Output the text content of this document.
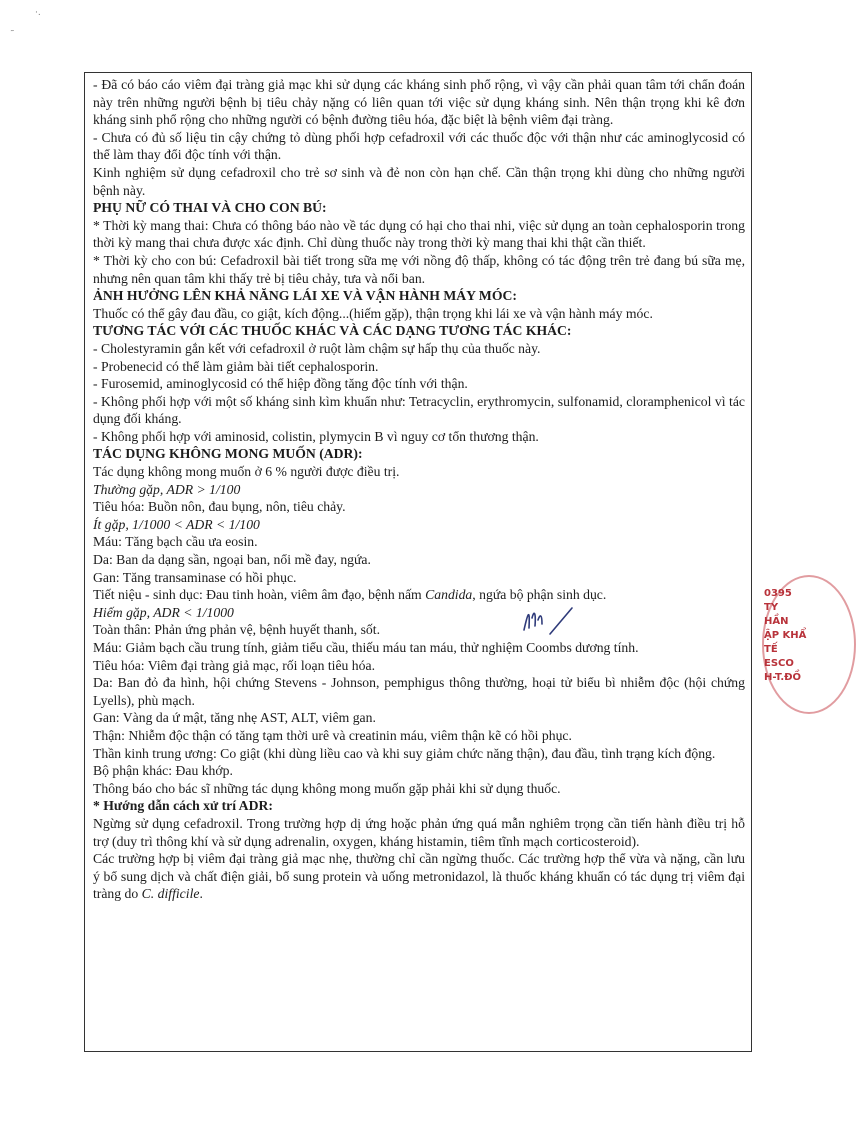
·.
˜

- Đã có báo cáo viêm đại tràng giả mạc khi sử dụng các kháng sinh phổ rộng, vì vậy cần phải quan tâm tới chẩn đoán này trên những người bệnh bị tiêu chảy nặng có liên quan tới việc sử dụng kháng sinh. Nên thận trọng khi kê đơn kháng sinh phổ rộng cho những người có bệnh đường tiêu hóa, đặc biệt là bệnh viêm đại tràng.

- Chưa có đủ số liệu tin cậy chứng tỏ dùng phối hợp cefadroxil với các thuốc độc với thận như các aminoglycosid có thể làm thay đổi độc tính với thận.

Kinh nghiệm sử dụng cefadroxil cho trẻ sơ sinh và đẻ non còn hạn chế. Cần thận trọng khi dùng cho những người bệnh này.

PHỤ NỮ CÓ THAI VÀ CHO CON BÚ:

* Thời kỳ mang thai: Chưa có thông báo nào về tác dụng có hại cho thai nhi, việc sử dụng an toàn cephalosporin trong thời kỳ mang thai chưa được xác định. Chỉ dùng thuốc này trong thời kỳ mang thai khi thật cần thiết.

* Thời kỳ cho con bú: Cefadroxil bài tiết trong sữa mẹ với nồng độ thấp, không có tác động trên trẻ đang bú sữa mẹ, nhưng nên quan tâm khi thấy trẻ bị tiêu chảy, tưa và nổi ban.

ẢNH HƯỞNG LÊN KHẢ NĂNG LÁI XE VÀ VẬN HÀNH MÁY MÓC:

Thuốc có thể gây đau đầu, co giật, kích động...(hiếm gặp), thận trọng khi lái xe và vận hành máy móc.

TƯƠNG TÁC VỚI CÁC THUỐC KHÁC VÀ CÁC DẠNG TƯƠNG TÁC KHÁC:

- Cholestyramin gắn kết với cefadroxil ở ruột làm chậm sự hấp thụ của thuốc này.

- Probenecid có thể làm giảm bài tiết cephalosporin.

- Furosemid, aminoglycosid có thể hiệp đồng tăng độc tính với thận.

- Không phối hợp với một số kháng sinh kìm khuẩn như: Tetracyclin, erythromycin, sulfonamid, cloramphenicol vì tác dụng đối kháng.

- Không phối hợp với aminosid, colistin, plymycin B vì nguy cơ tổn thương thận.

TÁC DỤNG KHÔNG MONG MUỐN (ADR):

Tác dụng không mong muốn ở 6 % người được điều trị.

Thường gặp, ADR > 1/100

Tiêu hóa: Buồn nôn, đau bụng, nôn, tiêu chảy.

Ít gặp, 1/1000 < ADR < 1/100

Máu: Tăng bạch cầu ưa eosin.

Da: Ban da dạng sần, ngoại ban, nổi mề đay, ngứa.

Gan: Tăng transaminase có hồi phục.

Tiết niệu - sinh dục: Đau tinh hoàn, viêm âm đạo, bệnh nấm Candida, ngứa bộ phận sinh dục.

Hiếm gặp, ADR < 1/1000

Toàn thân: Phản ứng phản vệ, bệnh huyết thanh, sốt.

Máu: Giảm bạch cầu trung tính, giảm tiểu cầu, thiếu máu tan máu, thử nghiệm Coombs dương tính.

Tiêu hóa: Viêm đại tràng giả mạc, rối loạn tiêu hóa.

Da: Ban đỏ đa hình, hội chứng Stevens - Johnson, pemphigus thông thường, hoại tử biểu bì nhiễm độc (hội chứng Lyells), phù mạch.

Gan: Vàng da ứ mật, tăng nhẹ AST, ALT, viêm gan.

Thận: Nhiễm độc thận có tăng tạm thời urê và creatinin máu, viêm thận kẽ có hồi phục.

Thần kinh trung ương: Co giật (khi dùng liều cao và khi suy giảm chức năng thận), đau đầu, tình trạng kích động.

Bộ phận khác: Đau khớp.

Thông báo cho bác sĩ những tác dụng không mong muốn gặp phải khi sử dụng thuốc.

* Hướng dẫn cách xử trí ADR:

Ngừng sử dụng cefadroxil. Trong trường hợp dị ứng hoặc phản ứng quá mẫn nghiêm trọng cần tiến hành điều trị hỗ trợ (duy trì thông khí và sử dụng adrenalin, oxygen, kháng histamin, tiêm tĩnh mạch corticosteroid).

Các trường hợp bị viêm đại tràng giả mạc nhẹ, thường chỉ cần ngừng thuốc. Các trường hợp thể vừa và nặng, cần lưu ý bổ sung dịch và chất điện giải, bổ sung protein và uống metronidazol, là thuốc kháng khuẩn có tác dụng trị viêm đại tràng do C. difficile.

0395
TY
HẦN
ẬP KHẨ
TẾ
ESCO
H-T.ĐỒ
